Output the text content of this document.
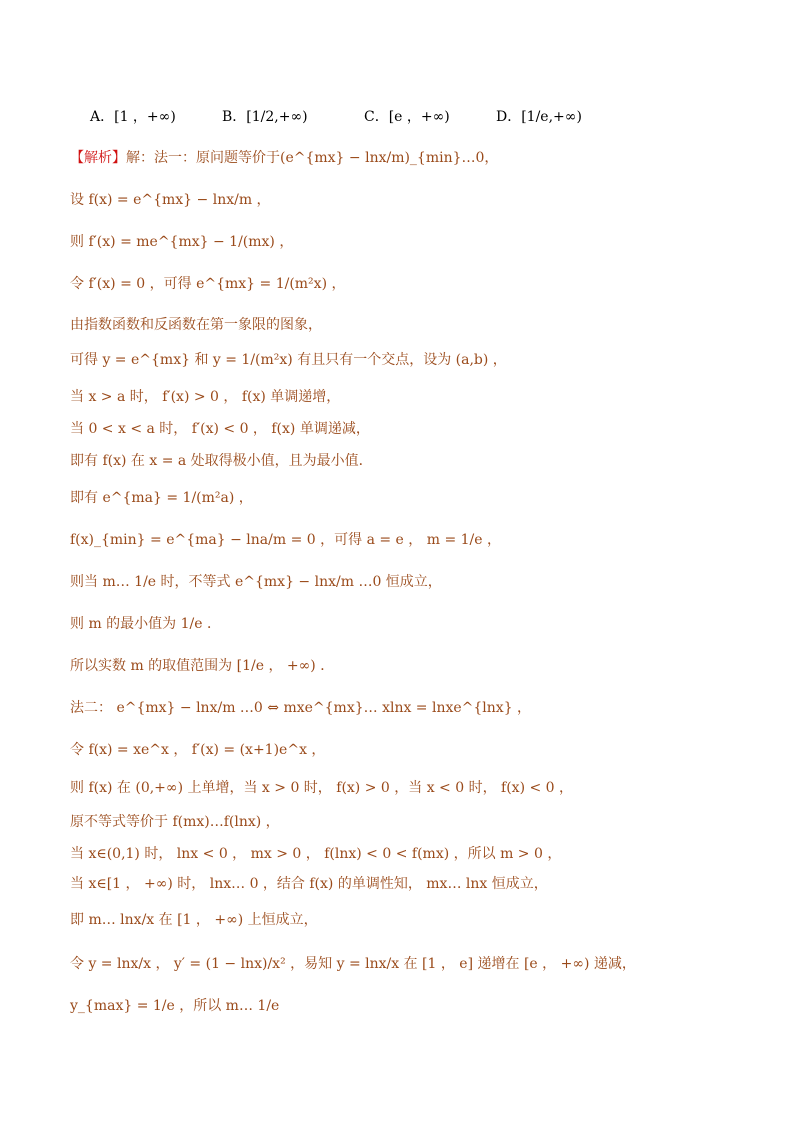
A．[1 ，+∞)	B．[1/2,+∞)	C．[e ，+∞)	D．[1/e,+∞)
【解析】解：法一：原问题等价于(e^{mx} − lnx/m)_{min}…0，
设 f(x) = e^{mx} − lnx/m ，
则 f′(x) = me^{mx} − 1/(mx) ，
令 f′(x) = 0 ，可得 e^{mx} = 1/(m²x) ，
由指数函数和反函数在第一象限的图象，
可得 y = e^{mx} 和 y = 1/(m²x) 有且只有一个交点，设为 (a,b) ，
当 x > a 时， f′(x) > 0 ， f(x) 单调递增，
当 0 < x < a 时， f′(x) < 0 ， f(x) 单调递减，
即有 f(x) 在 x = a 处取得极小值，且为最小值．
即有 e^{ma} = 1/(m²a) ，
f(x)_{min} = e^{ma} − lna/m = 0 ，可得 a = e ， m = 1/e ，
则当 m… 1/e 时，不等式 e^{mx} − lnx/m …0 恒成立，
则 m 的最小值为 1/e ．
所以实数 m 的取值范围为 [1/e ， +∞) ．
法二： e^{mx} − lnx/m …0 ⇔ mxe^{mx}… xlnx = lnxe^{lnx} ，
令 f(x) = xe^x ， f′(x) = (x+1)e^x ，
则 f(x) 在 (0,+∞) 上单增，当 x > 0 时， f(x) > 0 ，当 x < 0 时， f(x) < 0 ，
原不等式等价于 f(mx)…f(lnx) ，
当 x∈(0,1) 时， lnx < 0 ， mx > 0 ， f(lnx) < 0 < f(mx) ，所以 m > 0 ，
当 x∈[1 ， +∞) 时， lnx… 0 ，结合 f(x) 的单调性知， mx… lnx 恒成立，
即 m… lnx/x 在 [1 ， +∞) 上恒成立，
令 y = lnx/x ， y′ = (1 − lnx)/x² ，易知 y = lnx/x 在 [1 ， e] 递增在 [e ， +∞) 递减，
y_{max} = 1/e ，所以 m… 1/e
